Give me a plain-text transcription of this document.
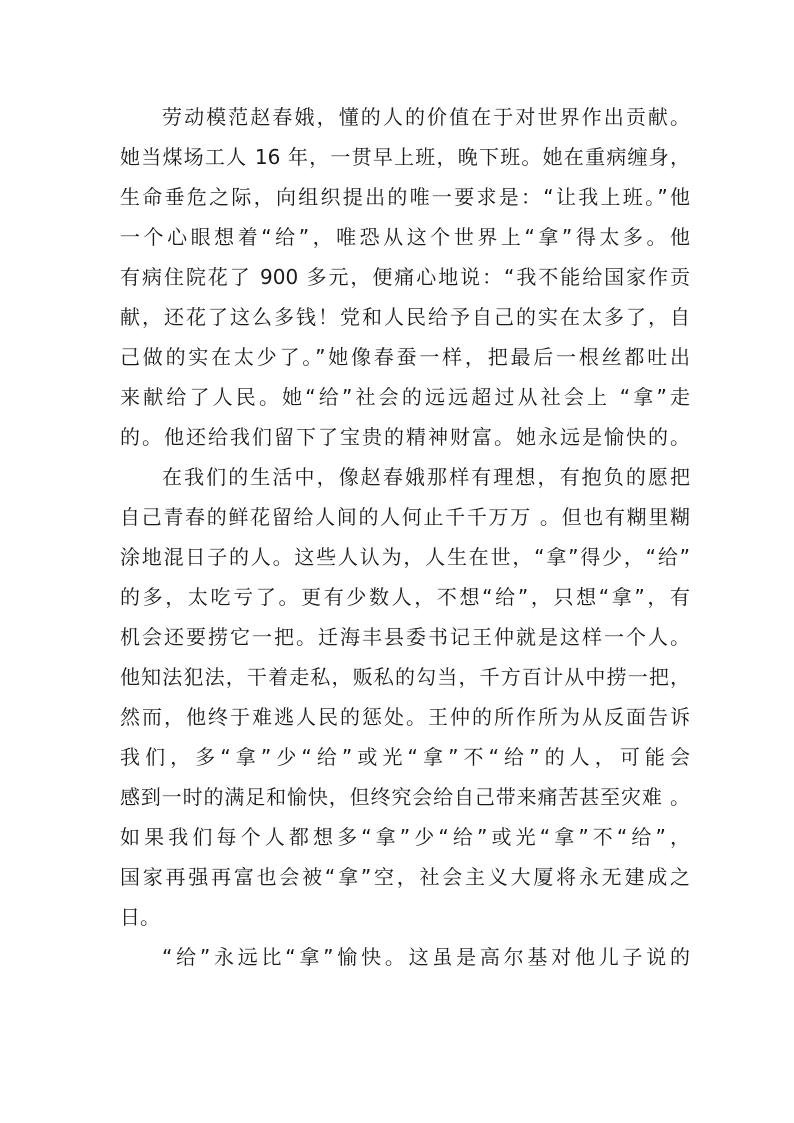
劳动模范赵春娥，懂的人的价值在于对世界作出贡献。
她当煤场工人 16 年，一贯早上班，晚下班。她在重病缠身，
生命垂危之际，向组织提出的唯一要求是：“让我上班。”他
一个心眼想着“给”，唯恐从这个世界上“拿”得太多。他
有病住院花了 900 多元，便痛心地说：“我不能给国家作贡
献，还花了这么多钱！党和人民给予自己的实在太多了，自
己做的实在太少了。”她像春蚕一样，把最后一根丝都吐出
来献给了人民。她“给”社会的远远超过从社会上 “拿”走
的。他还给我们留下了宝贵的精神财富。她永远是愉快的。
在我们的生活中，像赵春娥那样有理想，有抱负的愿把
自己青春的鲜花留给人间的人何止千千万万 。但也有糊里糊
涂地混日子的人。这些人认为，人生在世，“拿”得少，“给”
的多，太吃亏了。更有少数人，不想“给”，只想“拿”，有
机会还要捞它一把。迁海丰县委书记王仲就是这样一个人。
他知法犯法，干着走私，贩私的勾当，千方百计从中捞一把，
然而，他终于难逃人民的惩处。王仲的所作所为从反面告诉
我们，多“拿”少“给”或光“拿”不“给”的人，可能会
感到一时的满足和愉快，但终究会给自己带来痛苦甚至灾难 。
如果我们每个人都想多“拿”少“给”或光“拿”不“给”，
国家再强再富也会被“拿”空，社会主义大厦将永无建成之
日。
“给”永远比“拿”愉快。这虽是高尔基对他儿子说的
